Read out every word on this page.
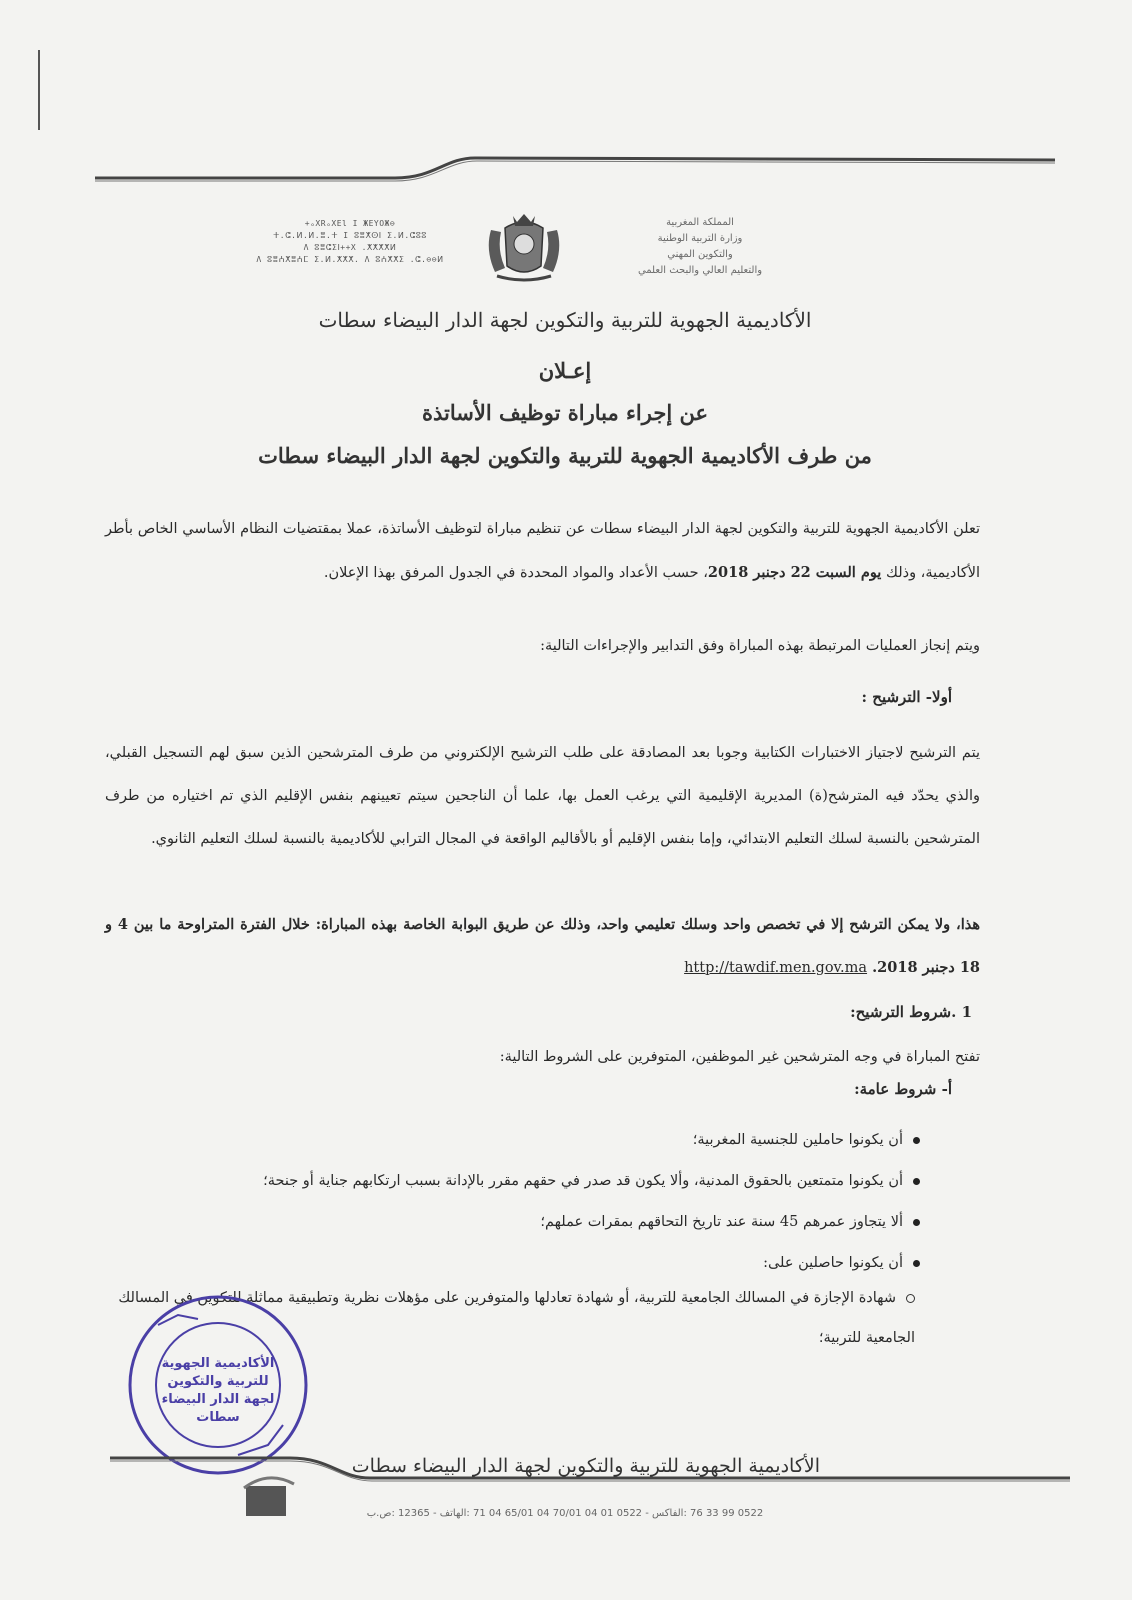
+ₒXRₒXEl I ЖEYOЖ⊖
ⵜ.ⵛ.ⵍ.ⵍ.ⴻ.ⵜ I ⵓⴻⵅⵙⵏ ⵉ.ⵍ.ⵛⵓⵓ
Λ ⵓⴻⵛⵉⵏ++X .ⵅⵅⵅⵅⵍ
Λ ⵓⴻⵄⵅⴻⵄⵎ ⵉ.ⵍ.ⵅⵅⵅ. Λ ⵓⵄⵅⵅⵉ .ⵛ.⊖⊖ⵍ
المملكة المغربية
وزارة التربية الوطنية
والتكوين المهني
والتعليم العالي والبحث العلمي
الأكاديمية الجهوية للتربية والتكوين لجهة الدار البيضاء سطات
إعـلان
عن إجراء مباراة توظيف الأساتذة
من طرف الأكاديمية الجهوية للتربية والتكوين لجهة الدار البيضاء سطات
تعلن الأكاديمية الجهوية للتربية والتكوين لجهة الدار البيضاء سطات عن تنظيم مباراة لتوظيف الأساتذة، عملا بمقتضيات النظام الأساسي الخاص بأطر الأكاديمية، وذلك يوم السبت 22 دجنبر 2018، حسب الأعداد والمواد المحددة في الجدول المرفق بهذا الإعلان.
ويتم إنجاز العمليات المرتبطة بهذه المباراة وفق التدابير والإجراءات التالية:
أولا- الترشيح :
يتم الترشيح لاجتياز الاختبارات الكتابية وجوبا بعد المصادقة على طلب الترشيح الإلكتروني من طرف المترشحين الذين سبق لهم التسجيل القبلي، والذي يحدّد فيه المترشح(ة) المديرية الإقليمية التي يرغب العمل بها، علما أن الناجحين سيتم تعيينهم بنفس الإقليم الذي تم اختياره من طرف المترشحين بالنسبة لسلك التعليم الابتدائي، وإما بنفس الإقليم أو بالأقاليم الواقعة في المجال الترابي للأكاديمية بالنسبة لسلك التعليم الثانوي.
هذا، ولا يمكن الترشح إلا في تخصص واحد وسلك تعليمي واحد، وذلك عن طريق البوابة الخاصة بهذه المباراة: خلال الفترة المتراوحة ما بين 4 و 18 دجنبر 2018. http://tawdif.men.gov.ma
1 .شروط الترشيح:
تفتح المباراة في وجه المترشحين غير الموظفين، المتوفرين على الشروط التالية:
أ- شروط عامة:
أن يكونوا حاملين للجنسية المغربية؛
أن يكونوا متمتعين بالحقوق المدنية، وألا يكون قد صدر في حقهم مقرر بالإدانة بسبب ارتكابهم جناية أو جنحة؛
ألا يتجاوز عمرهم 45 سنة عند تاريخ التحاقهم بمقرات عملهم؛
أن يكونوا حاصلين على:
شهادة الإجازة في المسالك الجامعية للتربية، أو شهادة تعادلها والمتوفرين على مؤهلات نظرية وتطبيقية مماثلة للتكوين في المسالك الجامعية للتربية؛
الأكاديمية الجهوية
للتربية والتكوين
لجهة الدار البيضاء
سطات
الأكاديمية الجهوية للتربية والتكوين لجهة الدار البيضاء سطات
0522 99 33 76 :الفاكس ‑ 0522 01 04 70/01 04 65/01 04 71 :الهاتف ‑ 12365 :ص.ب
